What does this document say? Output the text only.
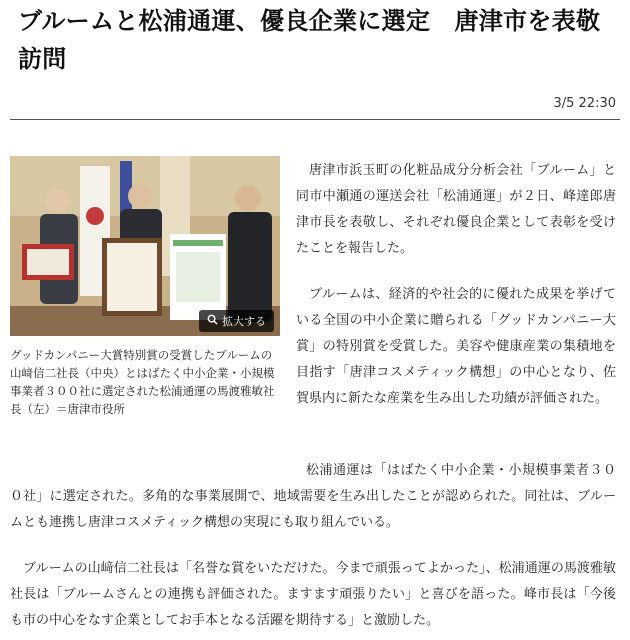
ブルームと松浦通運、優良企業に選定　唐津市を表敬訪問
3/5 22:30
拡大する
グッドカンパニー大賞特別賞の受賞したブルームの山﨑信二社長（中央）とはばたく中小企業・小規模事業者３００社に選定された松浦通運の馬渡雅敏社長（左）＝唐津市役所

唐津市浜玉町の化粧品成分分析会社「ブルーム」と同市中瀬通の運送会社「松浦通運」が２日、峰達郎唐津市長を表敬し、それぞれ優良企業として表彰を受けたことを報告した。

ブルームは、経済的や社会的に優れた成果を挙げている全国の中小企業に贈られる「グッドカンパニー大賞」の特別賞を受賞した。美容や健康産業の集積地を目指す「唐津コスメティック構想」の中心となり、佐賀県内に新たな産業を生み出した功績が評価された。

松浦通運は「はばたく中小企業・小規模事業者３００社」に選定された。多角的な事業展開で、地域需要を生み出したことが認められた。同社は、ブルームとも連携し唐津コスメティック構想の実現にも取り組んでいる。

ブルームの山﨑信二社長は「名誉な賞をいただけた。今まで頑張ってよかった」、松浦通運の馬渡雅敏社長は「ブルームさんとの連携も評価された。ますます頑張りたい」と喜びを語った。峰市長は「今後も市の中心をなす企業としてお手本となる活躍を期待する」と激励した。
